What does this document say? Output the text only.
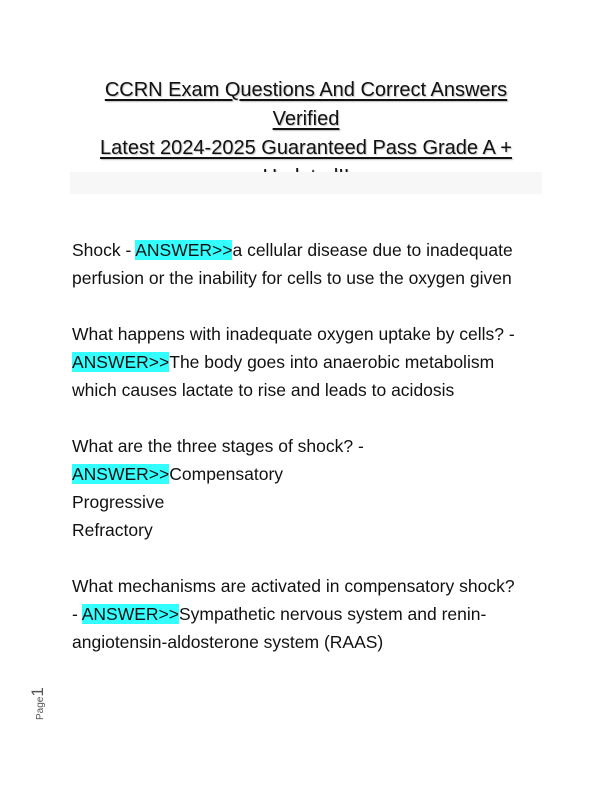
CCRN Exam Questions And Correct Answers Verified
Latest 2024-2025 Guaranteed Pass Grade A +
Shock - ANSWER>>a cellular disease due to inadequate
perfusion or the inability for cells to use the oxygen given
What happens with inadequate oxygen uptake by cells? -
ANSWER>>The body goes into anaerobic metabolism
which causes lactate to rise and leads to acidosis
What are the three stages of shock? -
ANSWER>>Compensatory
Progressive
Refractory
What mechanisms are activated in compensatory shock?
- ANSWER>>Sympathetic nervous system and renin-
angiotensin-aldosterone system (RAAS)
Page1
